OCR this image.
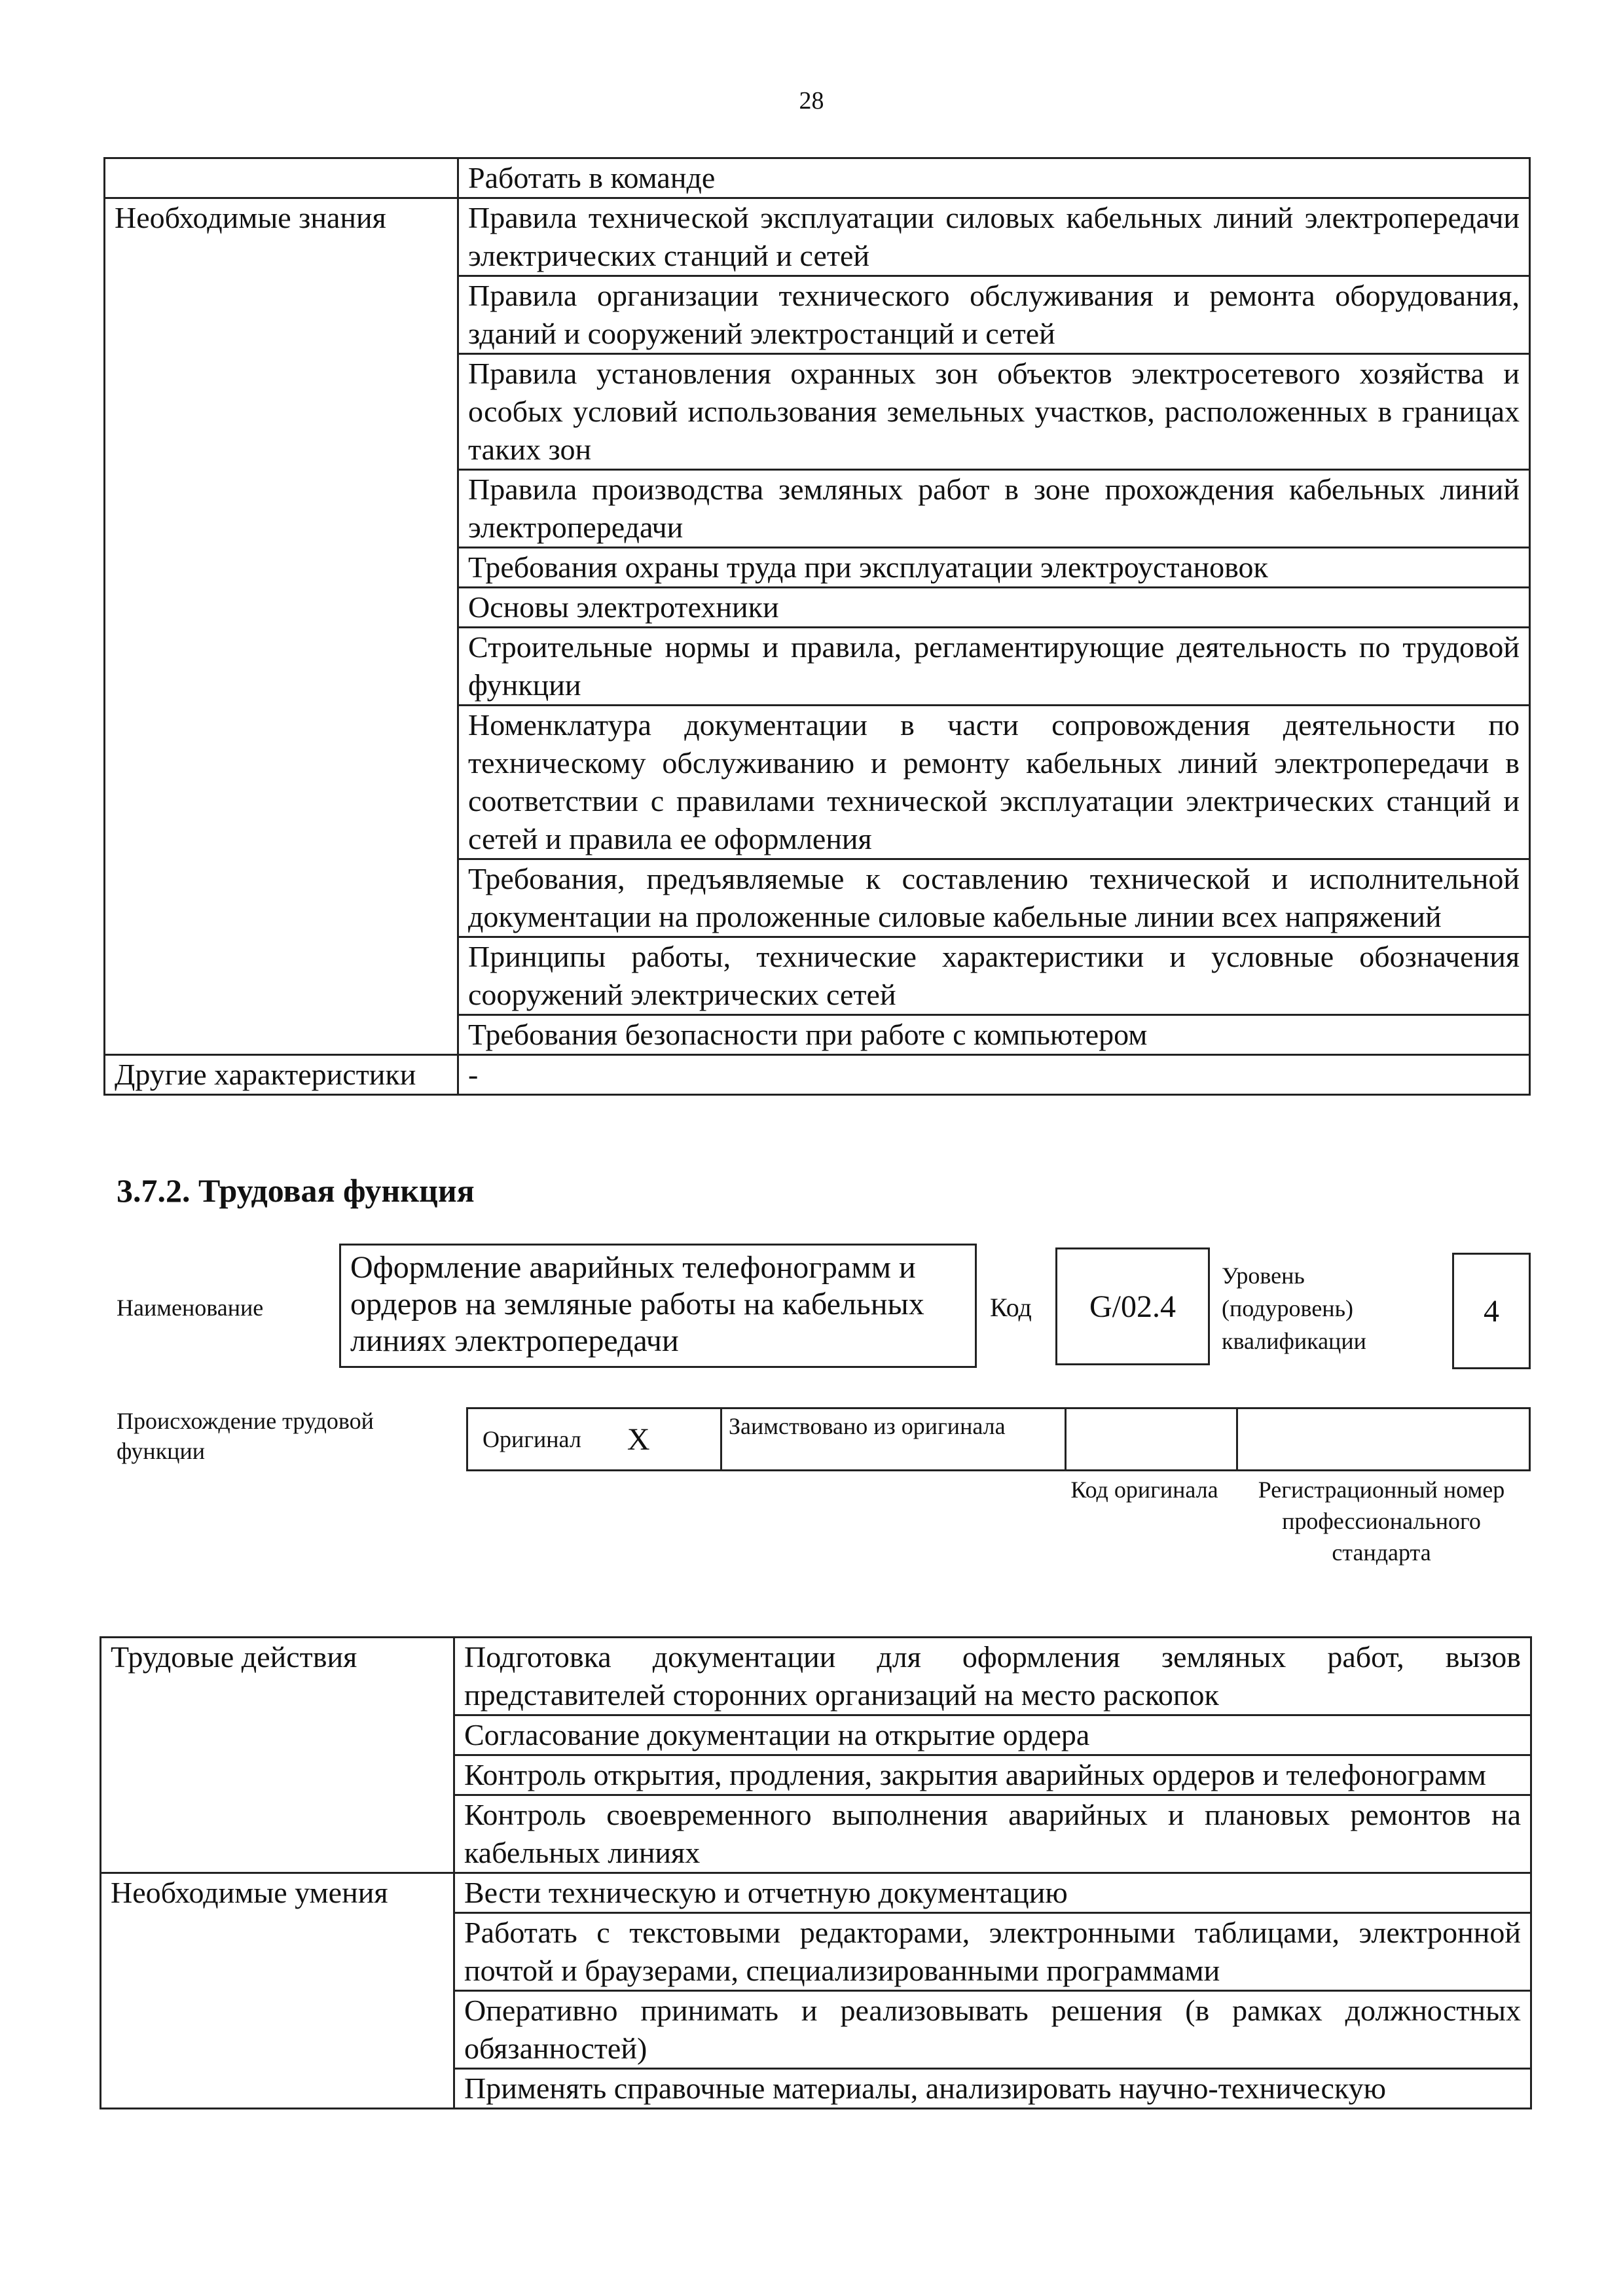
28
	Работать в команде
Необходимые знания	Правила технической эксплуатации силовых кабельных линий электропередачи электрических станций и сетей
	Правила организации технического обслуживания и ремонта оборудования, зданий и сооружений электростанций и сетей
	Правила установления охранных зон объектов электросетевого хозяйства и особых условий использования земельных участков, расположенных в границах таких зон
	Правила производства земляных работ в зоне прохождения кабельных линий электропередачи
	Требования охраны труда при эксплуатации электроустановок
	Основы электротехники
	Строительные нормы и правила, регламентирующие деятельность по трудовой функции
	Номенклатура документации в части сопровождения деятельности по техническому обслуживанию и ремонту кабельных линий электропередачи в соответствии с правилами технической эксплуатации электрических станций и сетей и правила ее оформления
	Требования, предъявляемые к составлению технической и исполнительной документации на проложенные силовые кабельные линии всех напряжений
	Принципы работы, технические характеристики и условные обозначения сооружений электрических сетей
	Требования безопасности при работе с компьютером
Другие характеристики	-
3.7.2. Трудовая функция
Наименование
Оформление аварийных телефонограмм и ордеров на земляные работы на кабельных линиях электропередачи
Код	G/02.4
Уровень (подуровень) квалификации
4
Происхождение трудовой функции	Оригинал X	Заимствовано из оригинала
Код оригинала	Регистрационный номер профессионального стандарта
Трудовые действия	Подготовка документации для оформления земляных работ, вызов представителей сторонних организаций на место раскопок
	Согласование документации на открытие ордера
	Контроль открытия, продления, закрытия аварийных ордеров и телефонограмм
	Контроль своевременного выполнения аварийных и плановых ремонтов на кабельных линиях
Необходимые умения	Вести техническую и отчетную документацию
	Работать с текстовыми редакторами, электронными таблицами, электронной почтой и браузерами, специализированными программами
	Оперативно принимать и реализовывать решения (в рамках должностных обязанностей)
	Применять справочные материалы, анализировать научно-техническую
